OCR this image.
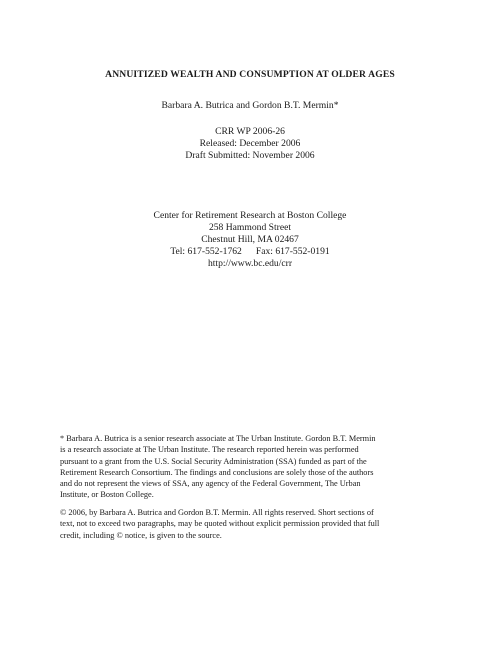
ANNUITIZED WEALTH AND CONSUMPTION AT OLDER AGES
Barbara A. Butrica and Gordon B.T. Mermin*
CRR WP 2006-26
Released: December 2006
Draft Submitted: November 2006
Center for Retirement Research at Boston College
258 Hammond Street
Chestnut Hill, MA 02467
Tel: 617-552-1762 Fax: 617-552-0191
http://www.bc.edu/crr
* Barbara A. Butrica is a senior research associate at The Urban Institute. Gordon B.T. Mermin
is a research associate at The Urban Institute. The research reported herein was performed
pursuant to a grant from the U.S. Social Security Administration (SSA) funded as part of the
Retirement Research Consortium. The findings and conclusions are solely those of the authors
and do not represent the views of SSA, any agency of the Federal Government, The Urban
Institute, or Boston College.
© 2006, by Barbara A. Butrica and Gordon B.T. Mermin. All rights reserved. Short sections of
text, not to exceed two paragraphs, may be quoted without explicit permission provided that full
credit, including © notice, is given to the source.
